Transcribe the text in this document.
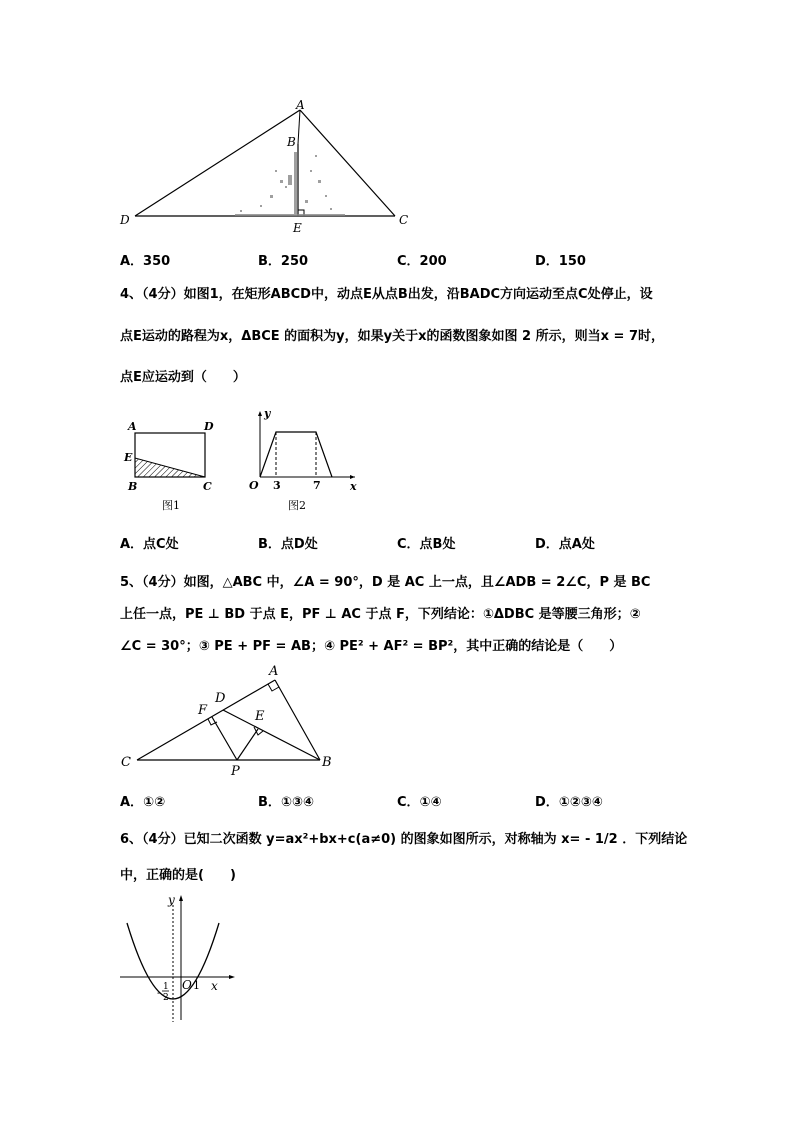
A
B
D	C
E
A．350	B．250	C．200	D．150
4、（4分）如图1，在矩形ABCD中，动点E从点B出发，沿BADC方向运动至点C处停止，设
点E运动的路程为x，ΔBCE 的面积为y，如果y关于x的函数图象如图 2 所示，则当x = 7时，
点E应运动到（　　）
A	D
E
B	C
图1
y
O 3	7	x
图2
A．点C处	B．点D处	C．点B处	D．点A处
5、（4分）如图，△ABC 中，∠A = 90°，D 是 AC 上一点，且∠ADB = 2∠C，P 是 BC
上任一点，PE ⊥ BD 于点 E，PF ⊥ AC 于点 F，下列结论：①ΔDBC 是等腰三角形；②
∠C = 30°；③ PE + PF = AB；④ PE² + AF² = BP²，其中正确的结论是（　　）
A
D
F	E
C
P
B
A．①②	B．①③④	C．①④	D．①②③④
6、（4分）已知二次函数 y=ax²+bx+c(a≠0) 的图象如图所示，对称轴为 x= - 1/2 ．下列结论
中，正确的是(　　)
y
x
O 1
-
1
2
